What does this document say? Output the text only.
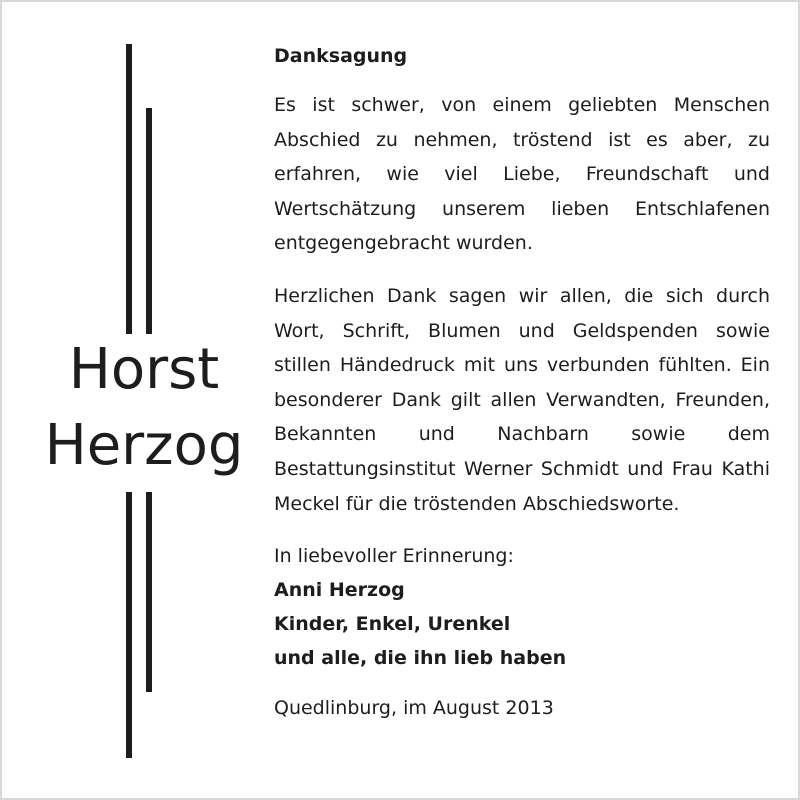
Horst
Herzog
Danksagung

Es ist schwer, von einem geliebten Menschen Abschied zu nehmen, tröstend ist es aber, zu erfahren, wie viel Liebe, Freundschaft und Wertschätzung unserem lieben Entschlafenen entgegengebracht wurden.

Herzlichen Dank sagen wir allen, die sich durch Wort, Schrift, Blumen und Geldspenden sowie stillen Händedruck mit uns verbunden fühlten. Ein besonderer Dank gilt allen Verwandten, Freunden, Bekannten und Nachbarn sowie dem Bestattungsinstitut Werner Schmidt und Frau Kathi Meckel für die tröstenden Abschiedsworte.

In liebevoller Erinnerung:

Anni Herzog

Kinder, Enkel, Urenkel

und alle, die ihn lieb haben

Quedlinburg, im August 2013
